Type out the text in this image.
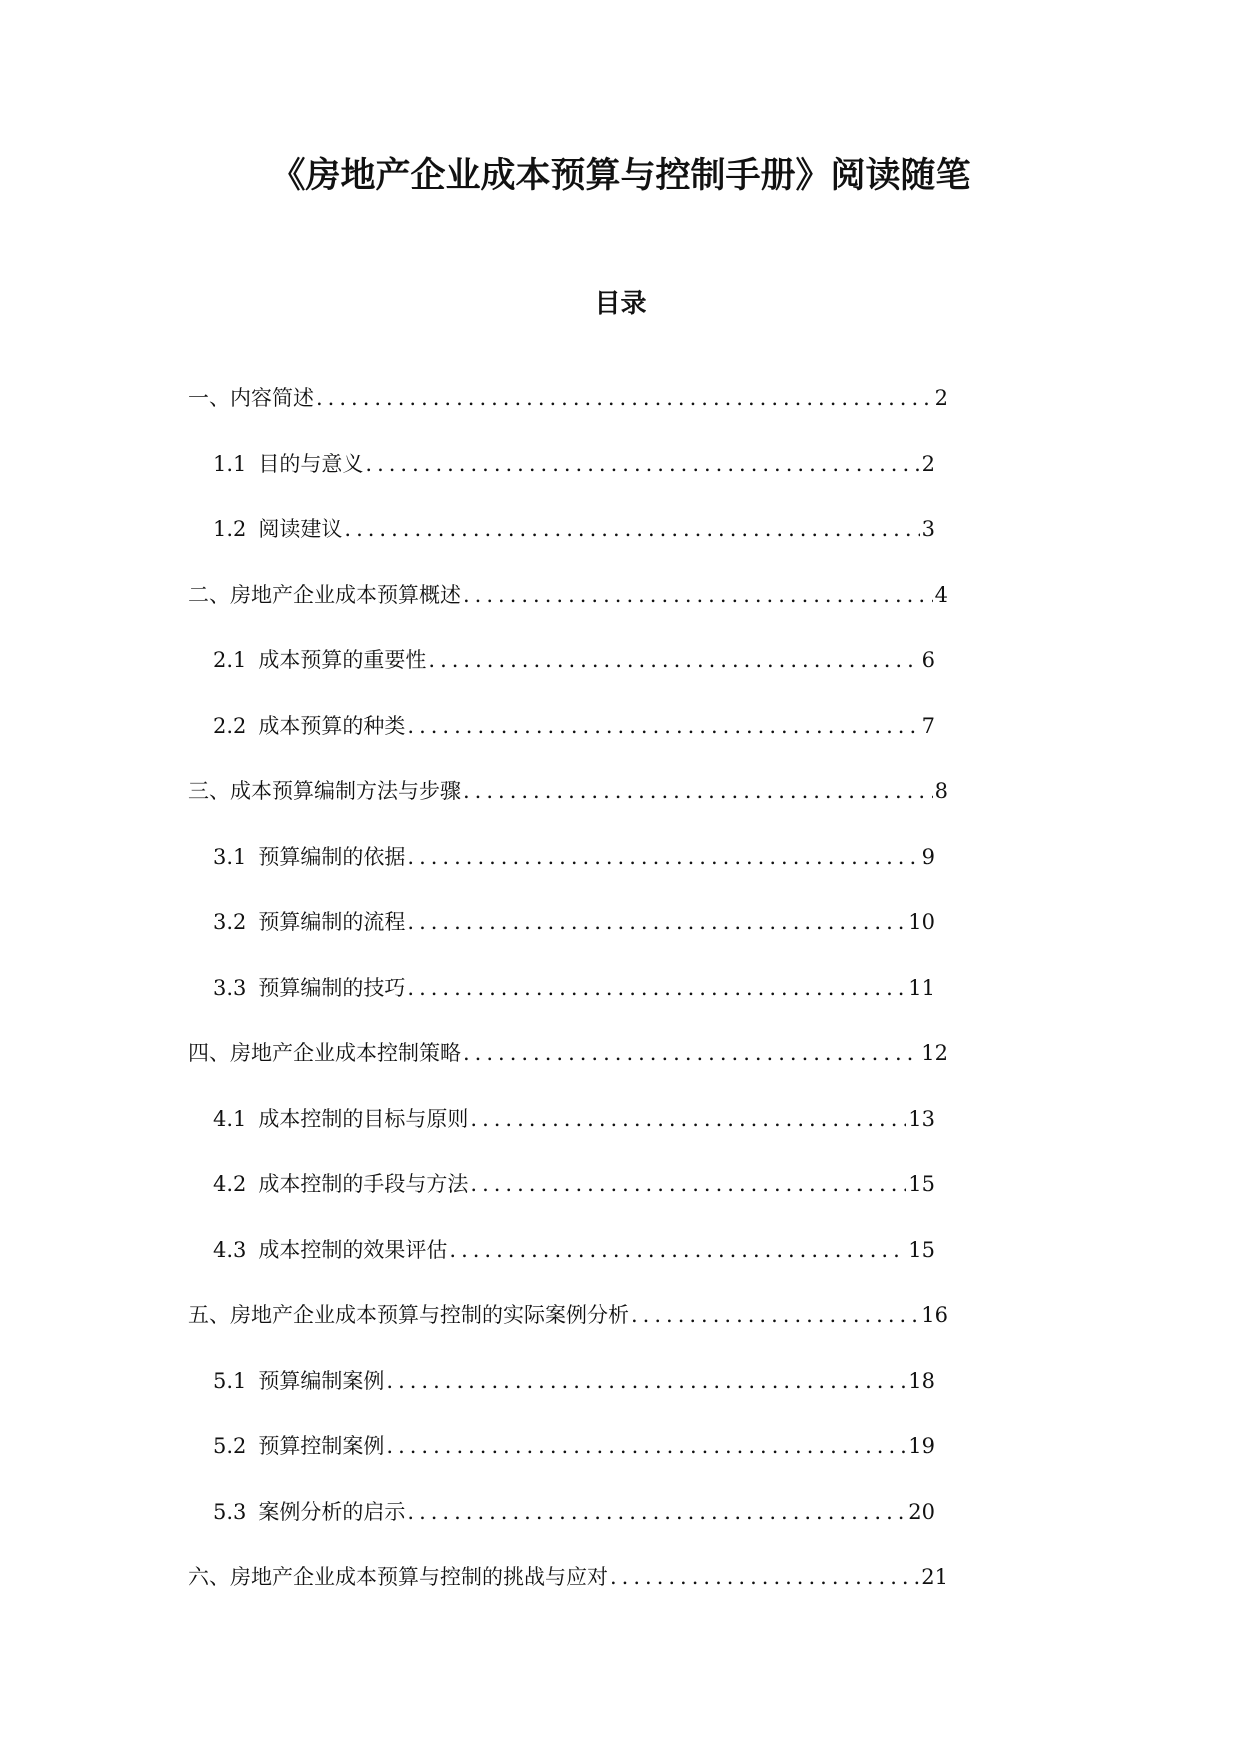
《房地产企业成本预算与控制手册》阅读随笔
目录
一、内容简述 .....	2
1.1 目的与意义 .....	2
1.2 阅读建议 .....	3
二、房地产企业成本预算概述 .....	4
2.1 成本预算的重要性 .....	6
2.2 成本预算的种类 .....	7
三、成本预算编制方法与步骤 .....	8
3.1 预算编制的依据 .....	9
3.2 预算编制的流程 .....	10
3.3 预算编制的技巧 .....	11
四、房地产企业成本控制策略 .....	12
4.1 成本控制的目标与原则 .....	13
4.2 成本控制的手段与方法 .....	15
4.3 成本控制的效果评估 .....	15
五、房地产企业成本预算与控制的实际案例分析 .....	16
5.1 预算编制案例 .....	18
5.2 预算控制案例 .....	19
5.3 案例分析的启示 .....	20
六、房地产企业成本预算与控制的挑战与应对 .....	21
